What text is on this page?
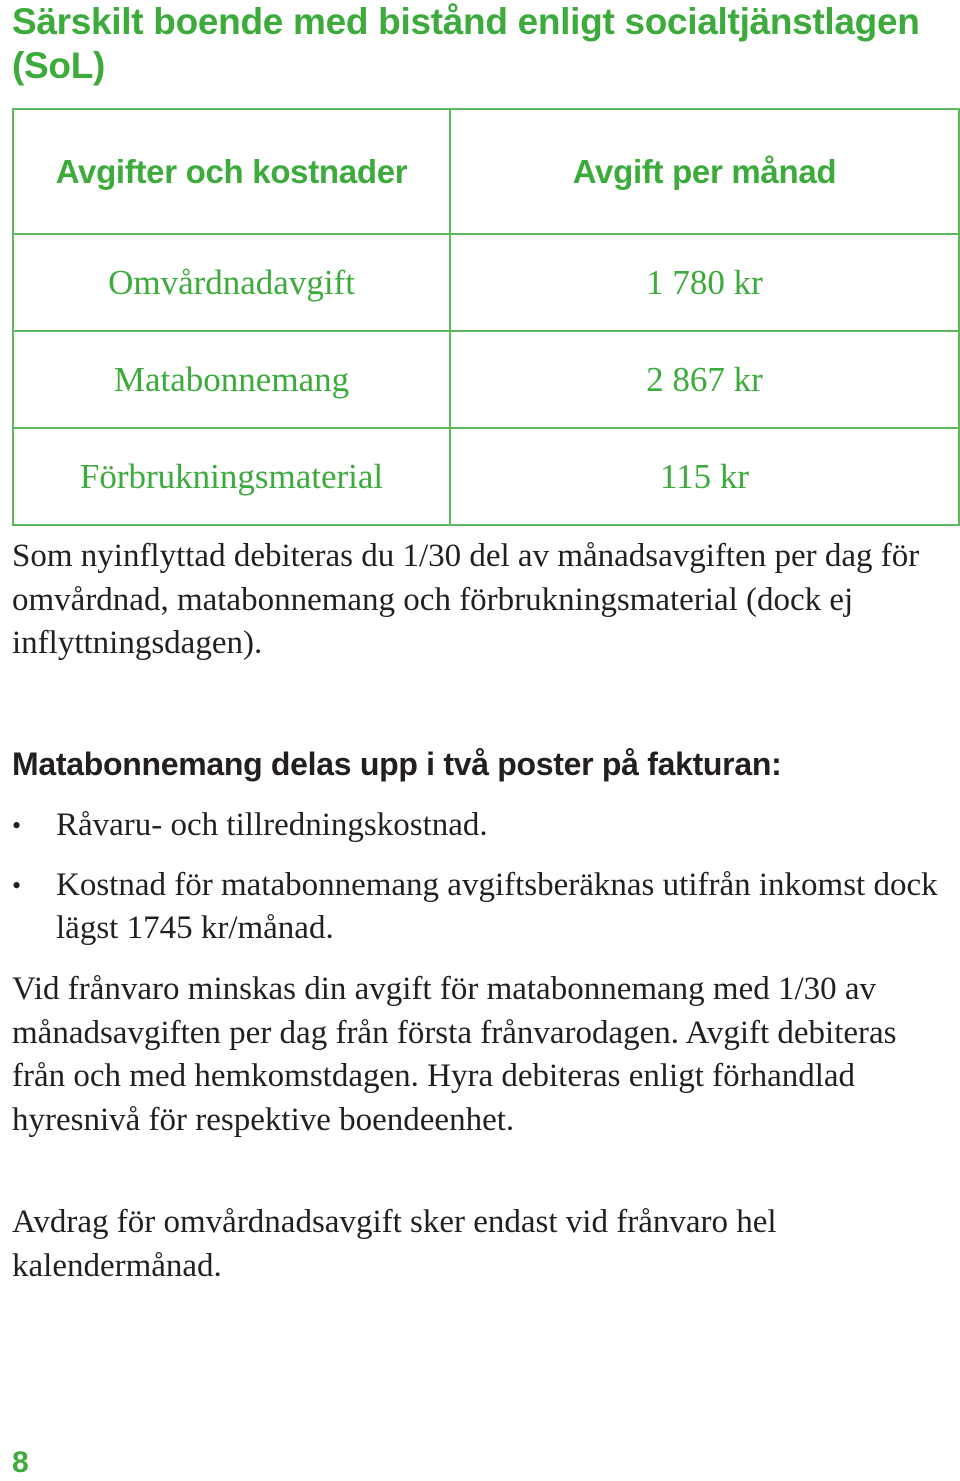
Särskilt boende med bistånd enligt socialtjänstlagen (SoL)
Avgifter och kostnader	Avgift per månad
Omvårdnadavgift	1 780 kr
Matabonnemang	2 867 kr
Förbrukningsmaterial	115 kr

Som nyinflyttad debiteras du 1/30 del av månadsavgiften per dag för omvårdnad, matabonnemang och förbrukningsmaterial (dock ej inflyttningsdagen).

Matabonnemang delas upp i två poster på fakturan:
• Råvaru- och tillredningskostnad.
• Kostnad för matabonnemang avgiftsberäknas utifrån inkomst dock lägst 1745 kr/månad.

Vid frånvaro minskas din avgift för matabonnemang med 1/30 av månadsavgiften per dag från första frånvarodagen. Avgift debiteras från och med hemkomstdagen. Hyra debiteras enligt förhandlad hyresnivå för respektive boendeenhet.

Avdrag för omvårdnadsavgift sker endast vid frånvaro hel kalendermånad.

8
